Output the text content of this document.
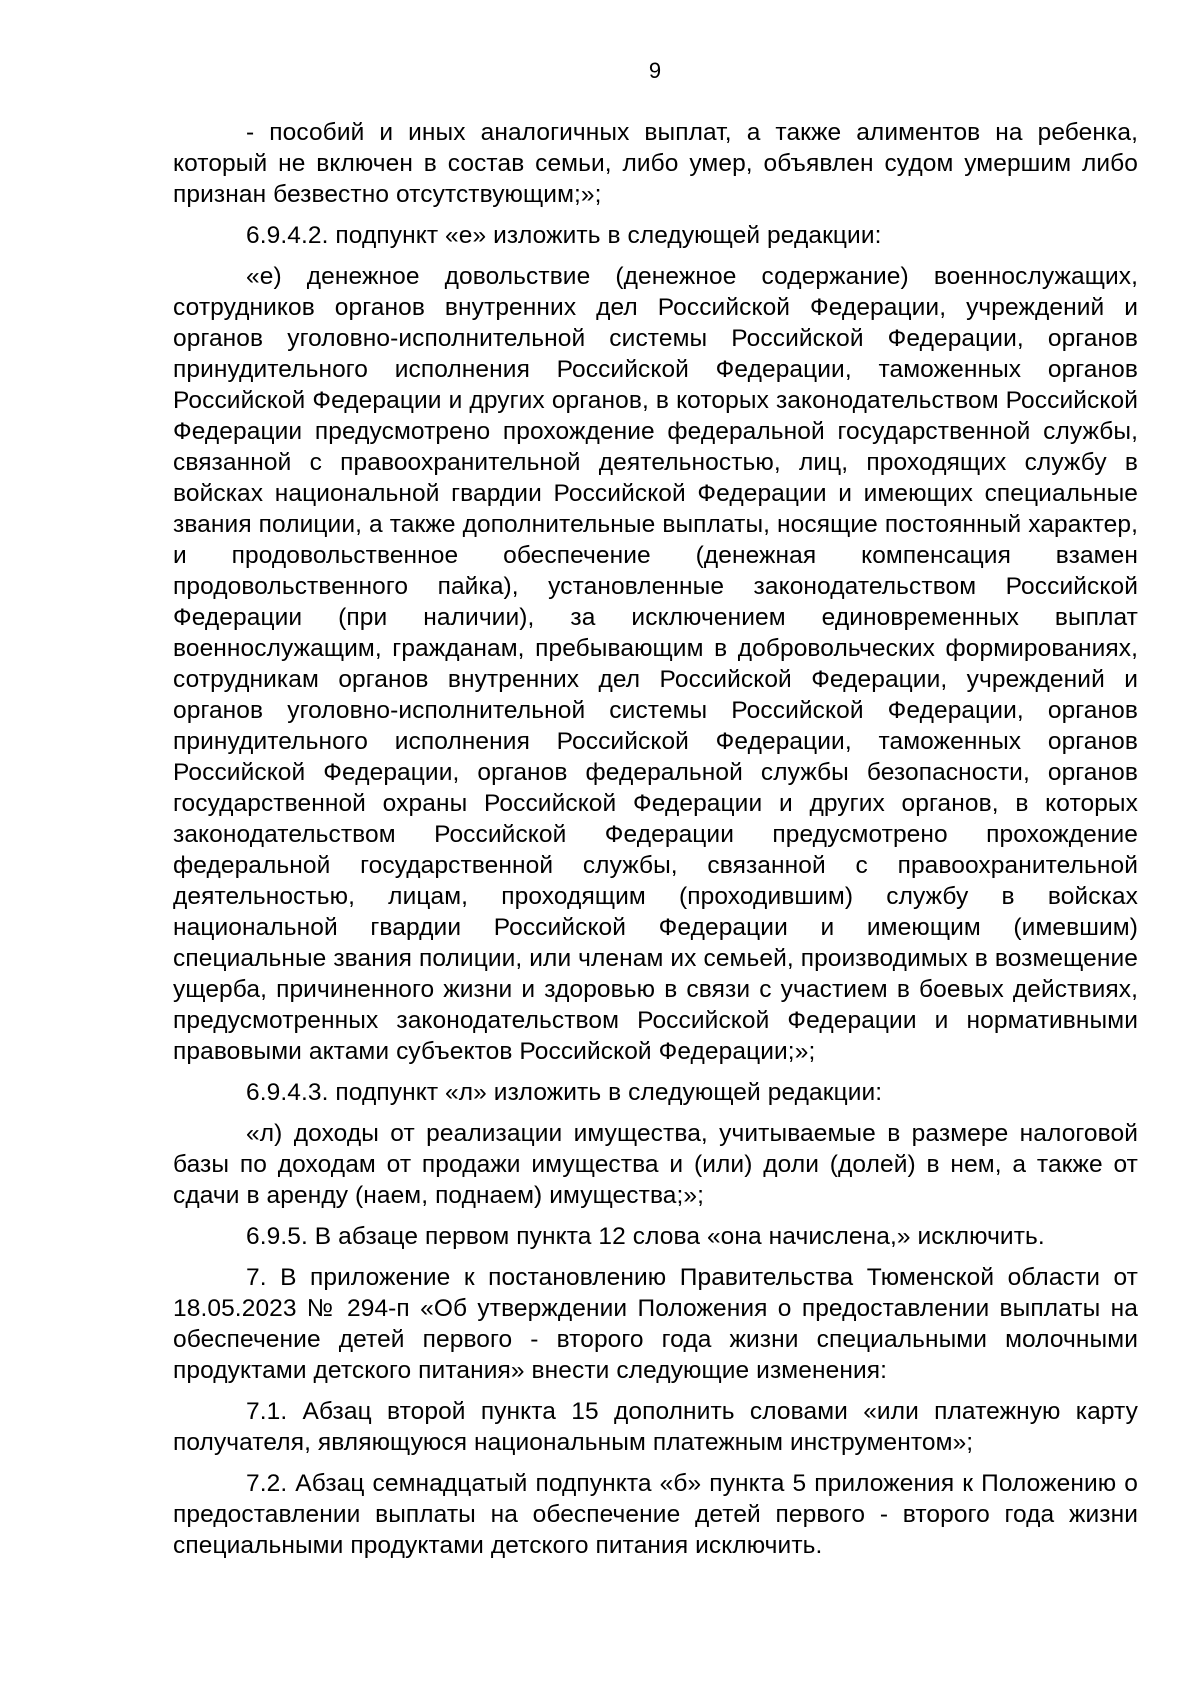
9

- пособий и иных аналогичных выплат, а также алиментов на ребенка, который не включен в состав семьи, либо умер, объявлен судом умершим либо признан безвестно отсутствующим;»;

6.9.4.2. подпункт «е» изложить в следующей редакции:

«е) денежное довольствие (денежное содержание) военнослужащих, сотрудников органов внутренних дел Российской Федерации, учреждений и органов уголовно-исполнительной системы Российской Федерации, органов принудительного исполнения Российской Федерации, таможенных органов Российской Федерации и других органов, в которых законодательством Российской Федерации предусмотрено прохождение федеральной государственной службы, связанной с правоохранительной деятельностью, лиц, проходящих службу в войсках национальной гвардии Российской Федерации и имеющих специальные звания полиции, а также дополнительные выплаты, носящие постоянный характер, и продовольственное обеспечение (денежная компенсация взамен продовольственного пайка), установленные законодательством Российской Федерации (при наличии), за исключением единовременных выплат военнослужащим, гражданам, пребывающим в добровольческих формированиях, сотрудникам органов внутренних дел Российской Федерации, учреждений и органов уголовно-исполнительной системы Российской Федерации, органов принудительного исполнения Российской Федерации, таможенных органов Российской Федерации, органов федеральной службы безопасности, органов государственной охраны Российской Федерации и других органов, в которых законодательством Российской Федерации предусмотрено прохождение федеральной государственной службы, связанной с правоохранительной деятельностью, лицам, проходящим (проходившим) службу в войсках национальной гвардии Российской Федерации и имеющим (имевшим) специальные звания полиции, или членам их семьей, производимых в возмещение ущерба, причиненного жизни и здоровью в связи с участием в боевых действиях, предусмотренных законодательством Российской Федерации и нормативными правовыми актами субъектов Российской Федерации;»;

6.9.4.3. подпункт «л» изложить в следующей редакции:

«л) доходы от реализации имущества, учитываемые в размере налоговой базы по доходам от продажи имущества и (или) доли (долей) в нем, а также от сдачи в аренду (наем, поднаем) имущества;»;

6.9.5. В абзаце первом пункта 12 слова «она начислена,» исключить.

7. В приложение к постановлению Правительства Тюменской области от 18.05.2023 № 294-п «Об утверждении Положения о предоставлении выплаты на обеспечение детей первого - второго года жизни специальными молочными продуктами детского питания» внести следующие изменения:

7.1. Абзац второй пункта 15 дополнить словами «или платежную карту получателя, являющуюся национальным платежным инструментом»;

7.2. Абзац семнадцатый подпункта «б» пункта 5 приложения к Положению о предоставлении выплаты на обеспечение детей первого - второго года жизни специальными продуктами детского питания исключить.
